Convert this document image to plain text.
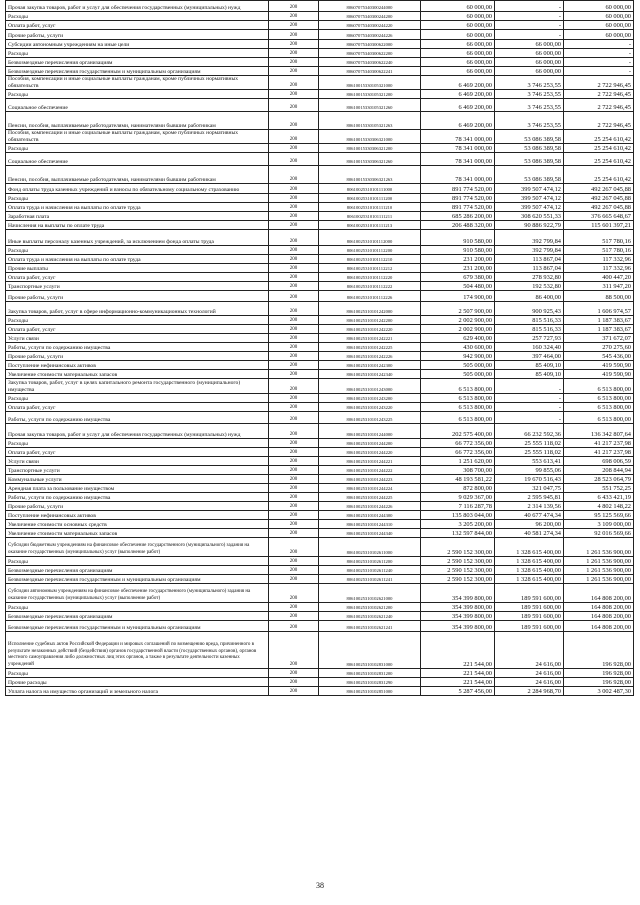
Прочая закупка товаров, работ и услуг для обеспечения государственных (муниципальных) нужд	200	80607075340300244000	60 000,00	-	60 000,00
Расходы	200	80607075340300244200	60 000,00	-	60 000,00
Оплата работ, услуг	200	80607075340300244220	60 000,00	-	60 000,00
Прочие работы, услуги	200	80607075340300244226	60 000,00	-	60 000,00
Субсидии автономным учреждениям на иные цели	200	80607075340300622000	66 000,00	66 000,00	-
Расходы	200	80607075340300622200	66 000,00	66 000,00	-
Безвозмездные перечисления организациям	200	80607075340300622240	66 000,00	66 000,00	-
Безвозмездные перечисления государственным и муниципальным организациям	200	80607075340300622241	66 000,00	66 000,00	-
Пособия, компенсации и иные социальные выплаты гражданам, кроме публичных нормативных обязательств	200	80610015330105321000	6 469 200,00	3 746 253,55	2 722 946,45
Расходы	200	80610015330105321200	6 469 200,00	3 746 253,55	2 722 946,45
Социальное обеспечение	200	80610015330105321260	6 469 200,00	3 746 253,55	2 722 946,45
Пенсии, пособия, выплачиваемые работодателями, нанимателями бывшим работникам	200	80610015330105321263	6 469 200,00	3 746 253,55	2 722 946,45
Пособия, компенсации и иные социальные выплаты гражданам, кроме публичных нормативных обязательств	200	80610015330306321000	78 341 000,00	53 086 389,58	25 254 610,42
Расходы	200	80610015330306321200	78 341 000,00	53 086 389,58	25 254 610,42
Социальное обеспечение	200	80610015330306321260	78 341 000,00	53 086 389,58	25 254 610,42
Пенсии, пособия, выплачиваемые работодателями, нанимателями бывшим работникам	200	80610015330306321263	78 341 000,00	53 086 389,58	25 254 610,42
Фонд оплаты труда казенных учреждений и взносы по обязательному социальному страхованию	200	80610025310101111000	891 774 520,00	399 507 474,12	492 267 045,88
Расходы	200	80610025310101111200	891 774 520,00	399 507 474,12	492 267 045,88
Оплата труда и начисления на выплаты по оплате труда	200	80610025310101111210	891 774 520,00	399 507 474,12	492 267 045,88
Заработная плата	200	80610025310101111211	685 286 200,00	308 620 551,33	376 665 648,67
Начисления на выплаты по оплате труда	200	80610025310101111213	206 488 320,00	90 886 922,79	115 601 397,21
Иные выплаты персоналу казенных учреждений, за исключением фонда оплаты труда	200	80610025310101112000	910 580,00	392 799,84	517 780,16
Расходы	200	80610025310101112200	910 580,00	392 799,84	517 780,16
Оплата труда и начисления на выплаты по оплате труда	200	80610025310101112210	231 200,00	113 867,04	117 332,96
Прочие выплаты	200	80610025310101112212	231 200,00	113 867,04	117 332,96
Оплата работ, услуг	200	80610025310101112220	679 380,00	278 932,80	400 447,20
Транспортные услуги	200	80610025310101112222	504 480,00	192 532,80	311 947,20
Прочие работы, услуги	200	80610025310101112226	174 900,00	86 400,00	88 500,00
Закупка товаров, работ, услуг в сфере информационно-коммуникационных технологий	200	80610025310101242000	2 507 900,00	900 925,43	1 606 974,57
Расходы	200	80610025310101242200	2 002 900,00	815 516,33	1 187 383,67
Оплата работ, услуг	200	80610025310101242220	2 002 900,00	815 516,33	1 187 383,67
Услуги связи	200	80610025310101242221	629 400,00	257 727,93	371 672,07
Работы, услуги по содержанию имущества	200	80610025310101242225	430 600,00	160 324,40	270 275,60
Прочие работы, услуги	200	80610025310101242226	942 900,00	397 464,00	545 436,00
Поступление нефинансовых активов	200	80610025310101242300	505 000,00	85 409,10	419 590,90
Увеличение стоимости материальных запасов	200	80610025310101242340	505 000,00	85 409,10	419 590,90
Закупка товаров, работ, услуг в целях капитального ремонта государственного (муниципального) имущества	200	80610025310101243000	6 513 800,00	-	6 513 800,00
Расходы	200	80610025310101243200	6 513 800,00	-	6 513 800,00
Оплата работ, услуг	200	80610025310101243220	6 513 800,00	-	6 513 800,00
Работы, услуги по содержанию имущества	200	80610025310101243225	6 513 800,00	-	6 513 800,00
Прочая закупка товаров, работ и услуг для обеспечения государственных (муниципальных) нужд	200	80610025310101244000	202 575 400,00	66 232 592,36	136 342 807,64
Расходы	200	80610025310101244200	66 772 356,00	25 555 118,02	41 217 237,98
Оплата работ, услуг	200	80610025310101244220	66 772 356,00	25 555 118,02	41 217 237,98
Услуги связи	200	80610025310101244221	1 251 620,00	553 613,41	698 006,59
Транспортные услуги	200	80610025310101244222	308 700,00	99 855,06	208 844,94
Коммунальные услуги	200	80610025310101244223	48 193 581,22	19 670 516,43	28 523 064,79
Арендная плата за пользование имуществом	200	80610025310101244224	872 800,00	321 047,75	551 752,25
Работы, услуги по содержанию имущества	200	80610025310101244225	9 029 367,00	2 595 945,81	6 433 421,19
Прочие работы, услуги	200	80610025310101244226	7 116 287,78	2 314 139,56	4 802 148,22
Поступление нефинансовых активов	200	80610025310101244300	135 803 044,00	40 677 474,34	95 125 569,66
Увеличение стоимости основных средств	200	80610025310101244310	3 205 200,00	96 200,00	3 109 000,00
Увеличение стоимости материальных запасов	200	80610025310101244340	132 597 844,00	40 581 274,34	92 016 569,66
Субсидии бюджетным учреждениям на финансовое обеспечение государственного (муниципального) задания на оказание государственных (муниципальных) услуг (выполнение работ)	200	80610025310102611000	2 590 152 300,00	1 328 615 400,00	1 261 536 900,00
Расходы	200	80610025310102611200	2 590 152 300,00	1 328 615 400,00	1 261 536 900,00
Безвозмездные перечисления организациям	200	80610025310102611240	2 590 152 300,00	1 328 615 400,00	1 261 536 900,00
Безвозмездные перечисления государственным и муниципальным организациям	200	80610025310102611241	2 590 152 300,00	1 328 615 400,00	1 261 536 900,00
Субсидии автономным учреждениям на финансовое обеспечение государственного (муниципального) задания на оказание государственных (муниципальных) услуг (выполнение работ)	200	80610025310102621000	354 399 800,00	189 591 600,00	164 808 200,00
Расходы	200	80610025310102621200	354 399 800,00	189 591 600,00	164 808 200,00
Безвозмездные перечисления организациям	200	80610025310102621240	354 399 800,00	189 591 600,00	164 808 200,00
Безвозмездные перечисления государственным и муниципальным организациям	200	80610025310102621241	354 399 800,00	189 591 600,00	164 808 200,00
Исполнение судебных актов Российской Федерации и мировых соглашений по возмещению вреда, причиненного в результате незаконных действий (бездействия) органов государственной власти (государственных органов), органов местного самоуправления либо должностных лиц этих органов, а также в результате деятельности казенных учреждений	200	80610025310102831000	221 544,00	24 616,00	196 928,00
Расходы	200	80610025310102831200	221 544,00	24 616,00	196 928,00
Прочие расходы	200	80610025310102831290	221 544,00	24 616,00	196 928,00
Уплата налога на имущество организаций и земельного налога	200	80610025310102851000	5 287 456,00	2 284 968,70	3 002 487,30
38
